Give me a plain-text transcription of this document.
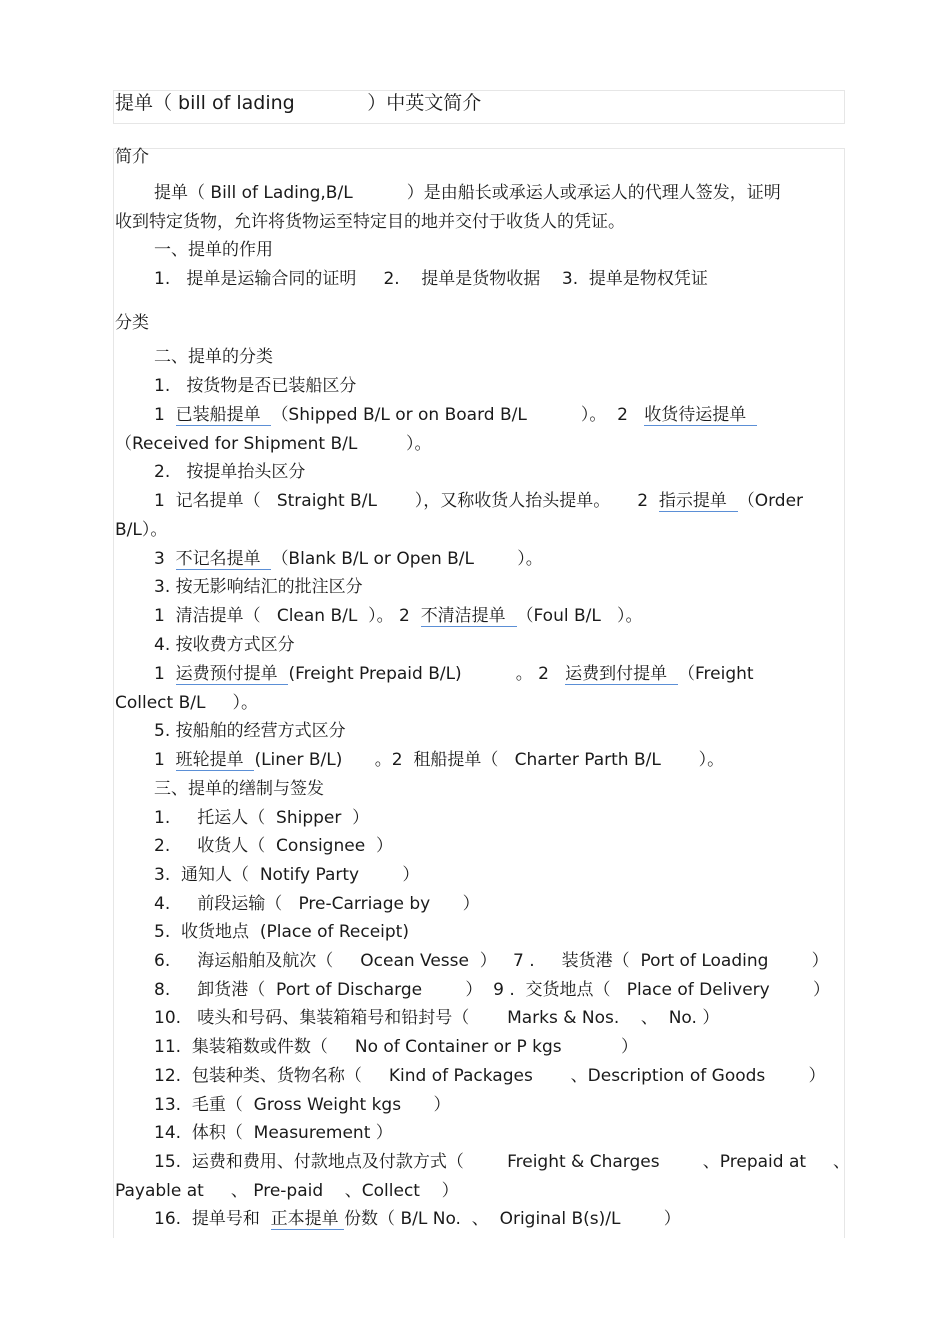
提单（ bill of lading            ）中英文简介
简介
提单（ Bill of Lading,B/L          ）是由船长或承运人或承运人的代理人签发，证明
收到特定货物，允许将货物运至特定目的地并交付于收货人的凭证。
一、提单的作用
1.   提单是运输合同的证明     2.    提单是货物收据    3.  提单是物权凭证
分类
二、提单的分类
1.   按货物是否已装船区分
1  已装船提单  （Shipped B/L or on Board B/L          ）。  2   收货待运提单
（Received for Shipment B/L         ）。
2.   按提单抬头区分
1  记名提单（   Straight B/L       ），又称收货人抬头提单。     2  指示提单  （Order
B/L）。
3  不记名提单  （Blank B/L or Open B/L        ）。
3. 按无影响结汇的批注区分
1  清洁提单（   Clean B/L  ）。 2  不清洁提单  （Foul B/L   ）。
4. 按收费方式区分
1  运费预付提单  (Freight Prepaid B/L)          。 2   运费到付提单  （Freight
Collect B/L     ）。
5. 按船舶的经营方式区分
1  班轮提单  (Liner B/L)      。2  租船提单（   Charter Parth B/L       ）。
三、提单的缮制与签发
1.     托运人（  Shipper  ）
2.     收货人（  Consignee  ）
3.  通知人（  Notify Party        ）
4.     前段运输（   Pre-Carriage by      ）
5.  收货地点  (Place of Receipt)
6.     海运船舶及航次（     Ocean Vesse  ）   7 .     装货港（  Port of Loading        ）
8.     卸货港（  Port of Discharge        ）  9 .  交货地点（   Place of Delivery        ）
10.   唛头和号码、集装箱箱号和铅封号（       Marks & Nos.    、  No. ）
11.  集装箱数或件数（     No of Container or P kgs           ）
12.  包装种类、货物名称（     Kind of Packages       、Description of Goods        ）
13.  毛重（  Gross Weight kgs      ）
14.  体积（  Measurement ）
15.  运费和费用、付款地点及付款方式（        Freight & Charges        、Prepaid at     、
Payable at     、 Pre-paid    、Collect    ）
16.  提单号和  正本提单 份数（ B/L No.  、  Original B(s)/L        ）
